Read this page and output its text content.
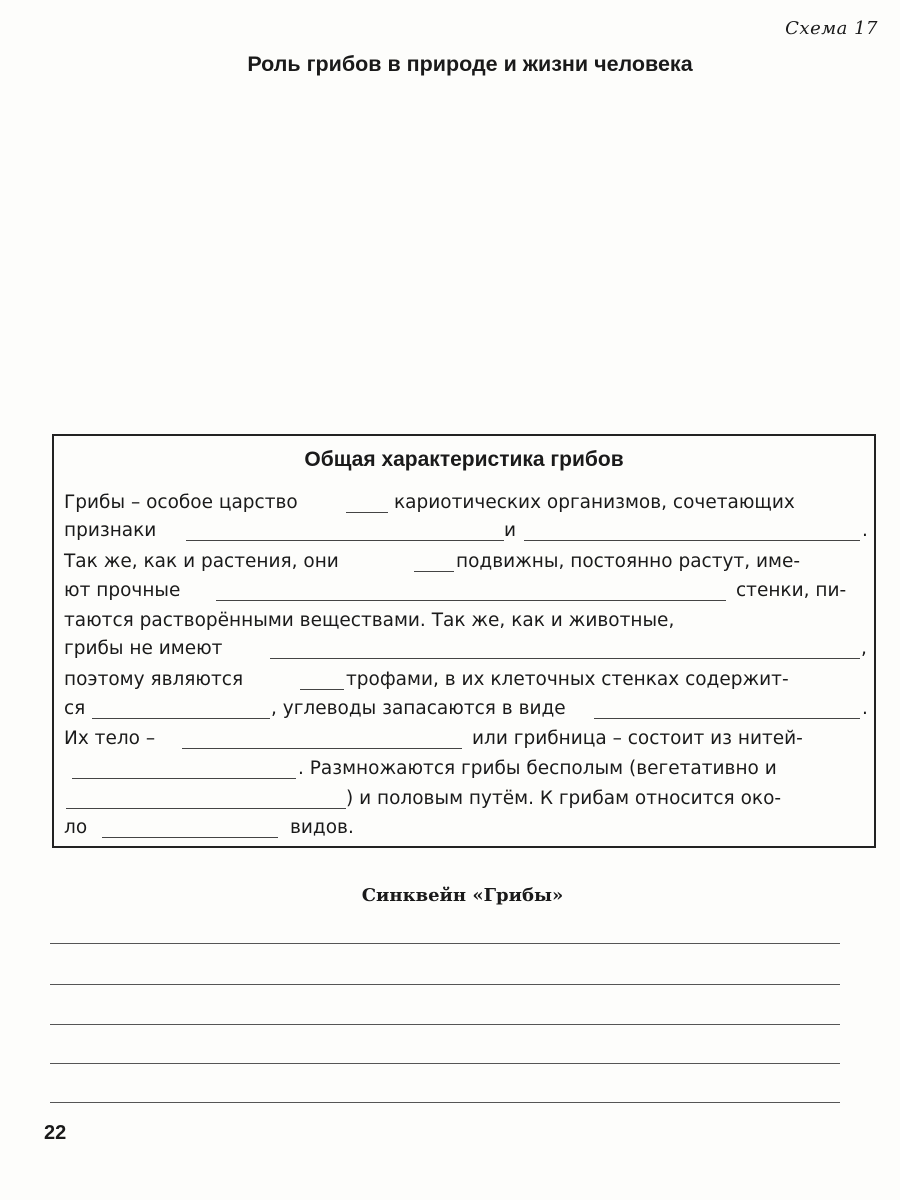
Схема 17
Роль грибов в природе и жизни человека
Общая характеристика грибов
Грибы – особое царство	кариотических организмов, сочетающих
признаки	и	.
Так же, как и растения, они	подвижны, постоянно растут, име-
ют прочные	стенки, пи-
таются растворёнными веществами. Так же, как и животные,
грибы не имеют	,
поэтому являются	трофами, в их клеточных стенках содержит-
ся	, углеводы запасаются в виде	.
Их тело –	или грибница – состоит из нитей-
. Размножаются грибы бесполым (вегетативно и
) и половым путём. К грибам относится око-
ло	видов.
Синквейн «Грибы»
22
